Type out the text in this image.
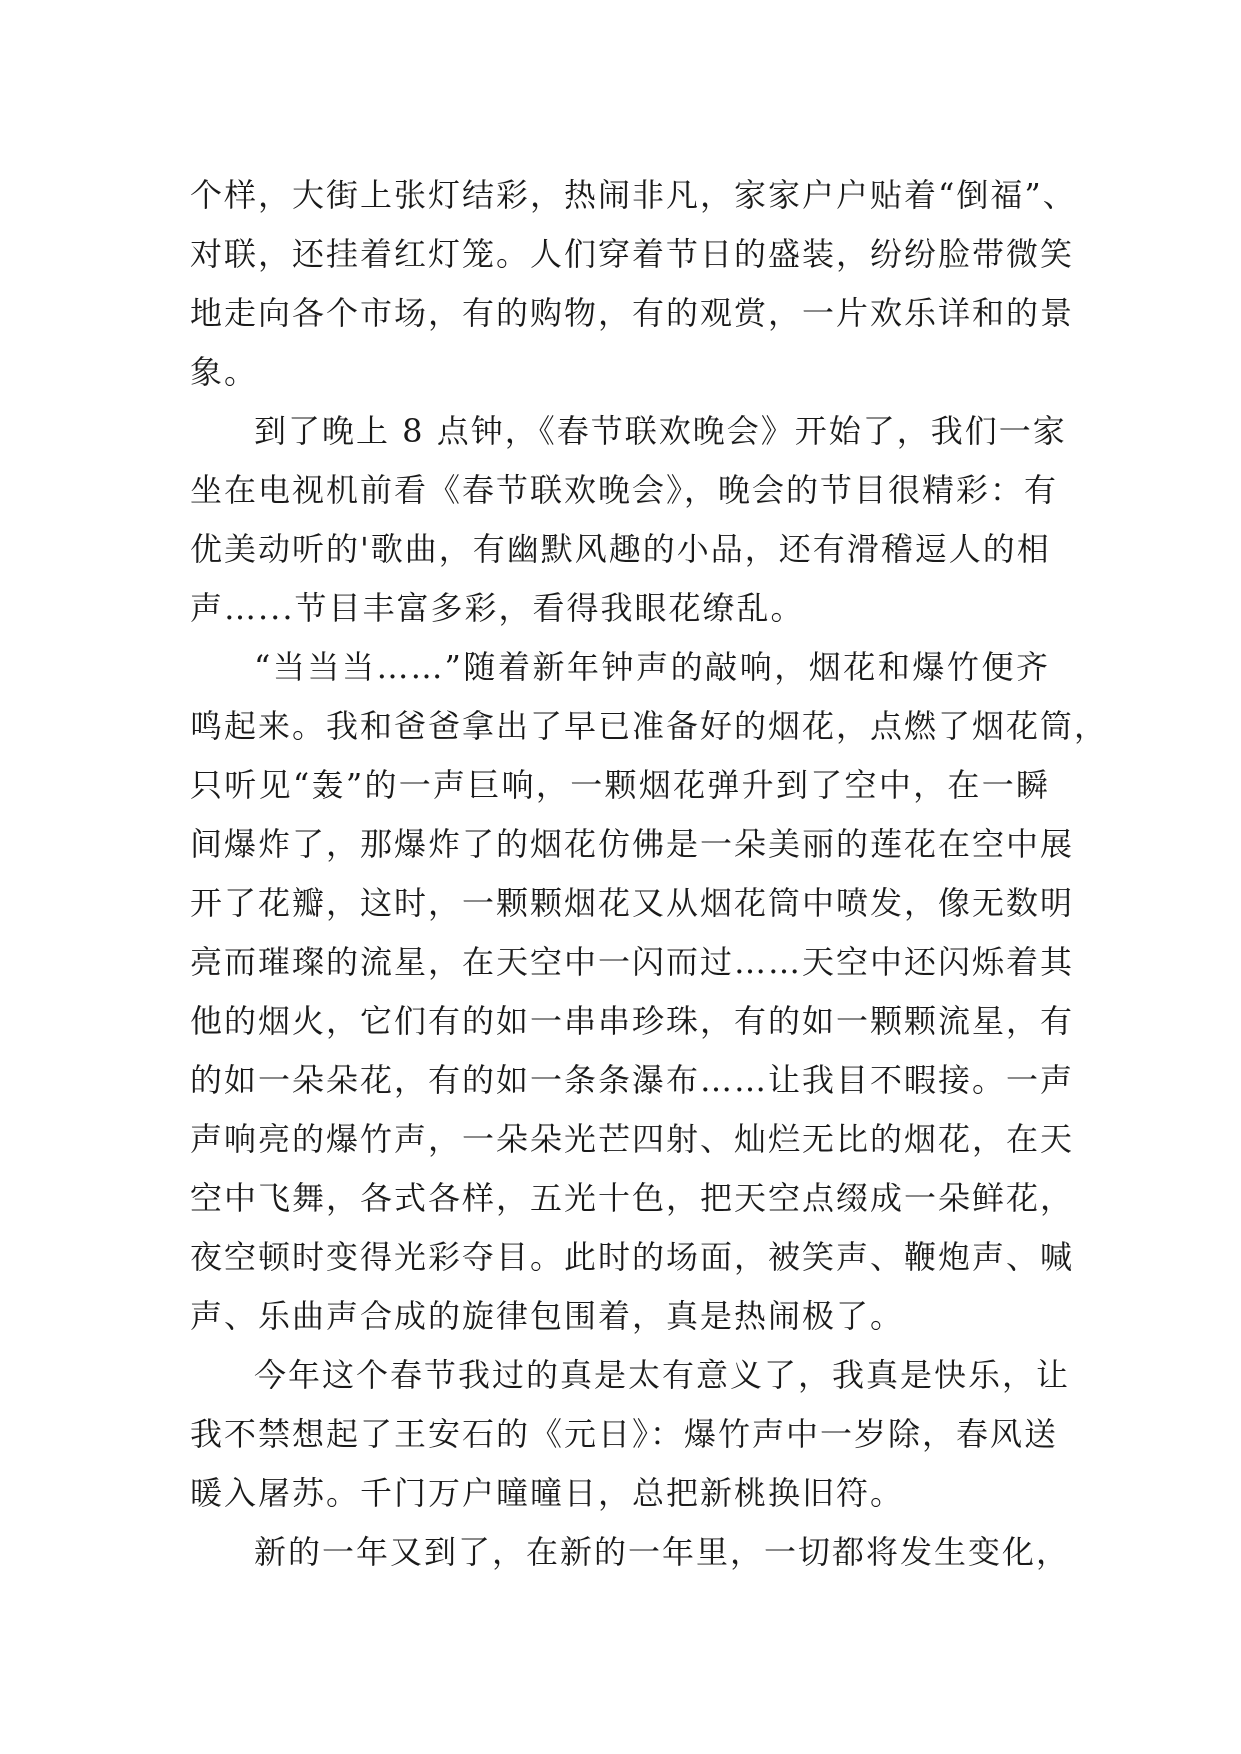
个样，大街上张灯结彩，热闹非凡，家家户户贴着“倒福”、
对联，还挂着红灯笼。人们穿着节日的盛装，纷纷脸带微笑
地走向各个市场，有的购物，有的观赏，一片欢乐详和的景
象。
到了晚上 8 点钟，《春节联欢晚会》开始了，我们一家
坐在电视机前看《春节联欢晚会》，晚会的节目很精彩：有
优美动听的'歌曲，有幽默风趣的小品，还有滑稽逗人的相
声…...节目丰富多彩，看得我眼花缭乱。
“当当当……”随着新年钟声的敲响，烟花和爆竹便齐
鸣起来。我和爸爸拿出了早已准备好的烟花，点燃了烟花筒，
只听见“轰”的一声巨响，一颗烟花弹升到了空中，在一瞬
间爆炸了，那爆炸了的烟花仿佛是一朵美丽的莲花在空中展
开了花瓣，这时，一颗颗烟花又从烟花筒中喷发，像无数明
亮而璀璨的流星，在天空中一闪而过……天空中还闪烁着其
他的烟火，它们有的如一串串珍珠，有的如一颗颗流星，有
的如一朵朵花，有的如一条条瀑布……让我目不暇接。一声
声响亮的爆竹声，一朵朵光芒四射、灿烂无比的烟花，在天
空中飞舞，各式各样，五光十色，把天空点缀成一朵鲜花，
夜空顿时变得光彩夺目。此时的场面，被笑声、鞭炮声、喊
声、乐曲声合成的旋律包围着，真是热闹极了。
今年这个春节我过的真是太有意义了，我真是快乐，让
我不禁想起了王安石的《元日》：爆竹声中一岁除，春风送
暖入屠苏。千门万户曈曈日，总把新桃换旧符。
新的一年又到了，在新的一年里，一切都将发生变化，
